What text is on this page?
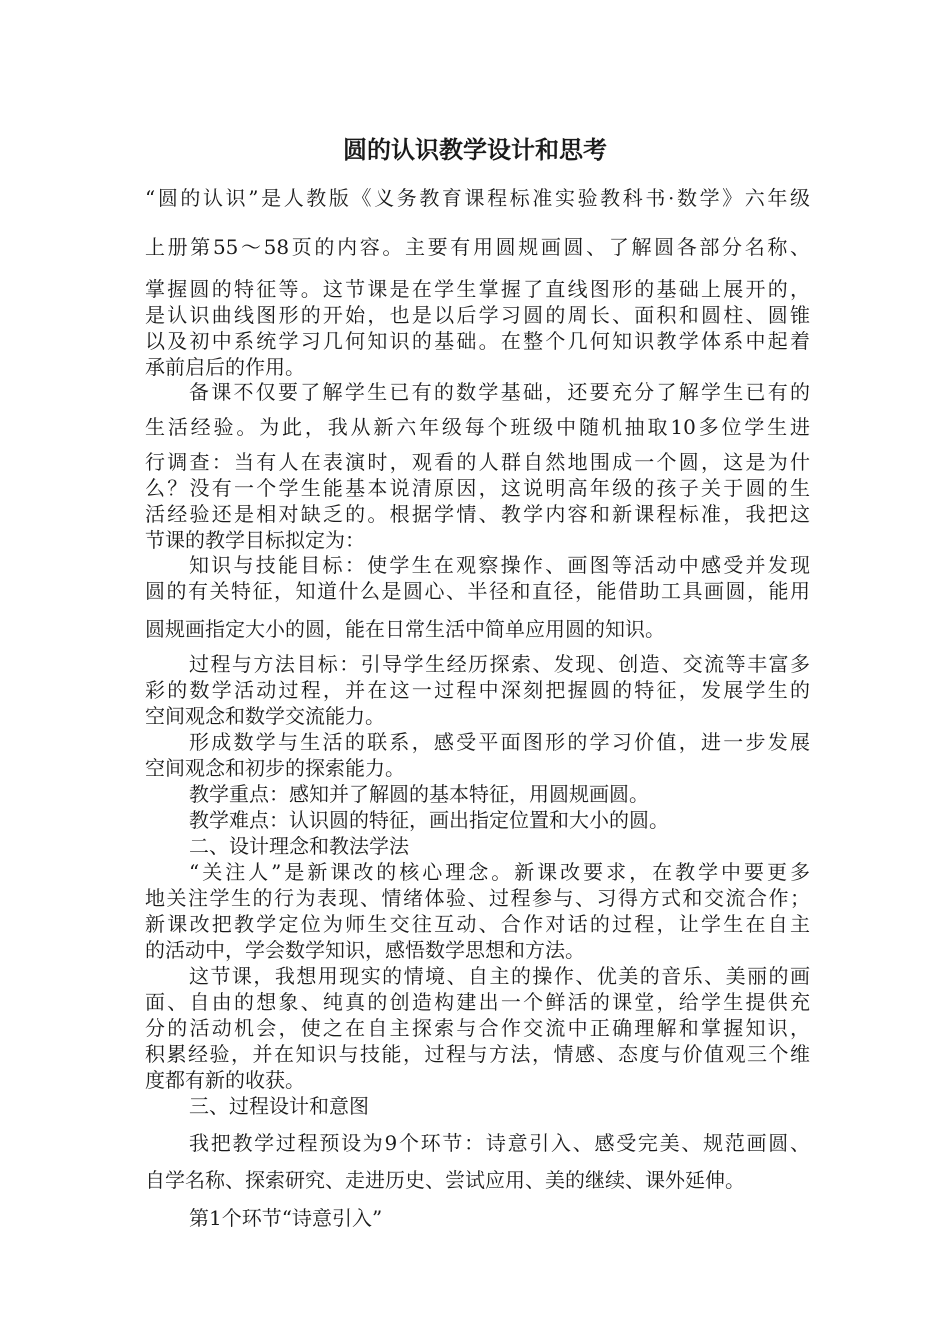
圆的认识教学设计和思考
“圆的认识”是人教版《义务教育课程标准实验教科书·数学》六年级
上册第55～58页的内容。主要有用圆规画圆、了解圆各部分名称、
掌握圆的特征等。这节课是在学生掌握了直线图形的基础上展开的，
是认识曲线图形的开始，也是以后学习圆的周长、面积和圆柱、圆锥
以及初中系统学习几何知识的基础。在整个几何知识教学体系中起着
承前启后的作用。
备课不仅要了解学生已有的数学基础，还要充分了解学生已有的
生活经验。为此，我从新六年级每个班级中随机抽取10多位学生进
行调查：当有人在表演时，观看的人群自然地围成一个圆，这是为什
么？没有一个学生能基本说清原因，这说明高年级的孩子关于圆的生
活经验还是相对缺乏的。根据学情、教学内容和新课程标准，我把这
节课的教学目标拟定为：
知识与技能目标：使学生在观察操作、画图等活动中感受并发现
圆的有关特征，知道什么是圆心、半径和直径，能借助工具画圆，能用
圆规画指定大小的圆，能在日常生活中简单应用圆的知识。
过程与方法目标：引导学生经历探索、发现、创造、交流等丰富多
彩的数学活动过程，并在这一过程中深刻把握圆的特征，发展学生的
空间观念和数学交流能力。
形成数学与生活的联系，感受平面图形的学习价值，进一步发展
空间观念和初步的探索能力。
教学重点：感知并了解圆的基本特征，用圆规画圆。
教学难点：认识圆的特征，画出指定位置和大小的圆。
二、设计理念和教法学法
“关注人”是新课改的核心理念。新课改要求，在教学中要更多
地关注学生的行为表现、情绪体验、过程参与、习得方式和交流合作；
新课改把教学定位为师生交往互动、合作对话的过程，让学生在自主
的活动中，学会数学知识，感悟数学思想和方法。
这节课，我想用现实的情境、自主的操作、优美的音乐、美丽的画
面、自由的想象、纯真的创造构建出一个鲜活的课堂，给学生提供充
分的活动机会，使之在自主探索与合作交流中正确理解和掌握知识，
积累经验，并在知识与技能，过程与方法，情感、态度与价值观三个维
度都有新的收获。
三、过程设计和意图
我把教学过程预设为9个环节：诗意引入、感受完美、规范画圆、
自学名称、探索研究、走进历史、尝试应用、美的继续、课外延伸。
第1个环节“诗意引入”
